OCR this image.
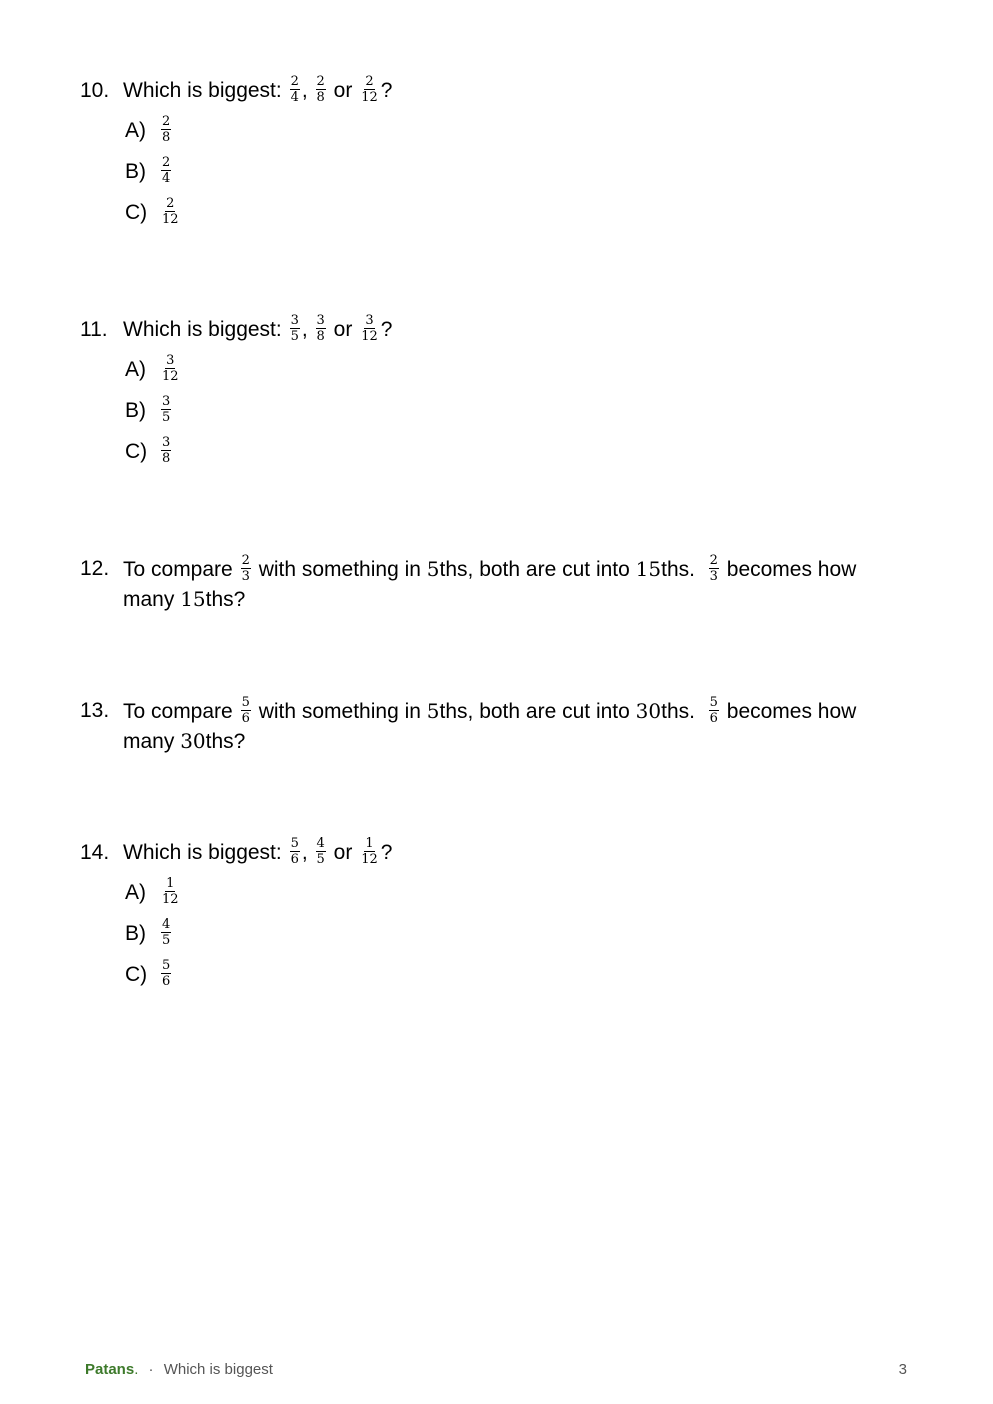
10. Which is biggest: $\frac{2}{4}$ , $\frac{2}{8}$ or $\frac{2}{12}$ ?
$A) \frac{2}{8}$
$B) \frac{2}{4}$
$C) \frac{2}{12}$
11. Which is biggest: $\frac{3}{5}$ , $\frac{3}{8}$ or $\frac{3}{12}$ ?
$A) \frac{3}{12}$
$B) \frac{3}{5}$
$C) \frac{3}{8}$
12. To compare $\frac{2}{3}$ with something in 5ths, both are cut into 15ths. $\frac{2}{3}$ becomes how many 15ths?
13. To compare $\frac{5}{6}$ with something in 5ths, both are cut into 30ths. $\frac{5}{6}$ becomes how many 30ths?
14. Which is biggest: $\frac{5}{6}$ , $\frac{4}{5}$ or $\frac{1}{12}$ ?
$A) \frac{1}{12}$
$B) \frac{4}{5}$
$C) \frac{5}{6}$
Patans. · Which is biggest	3
